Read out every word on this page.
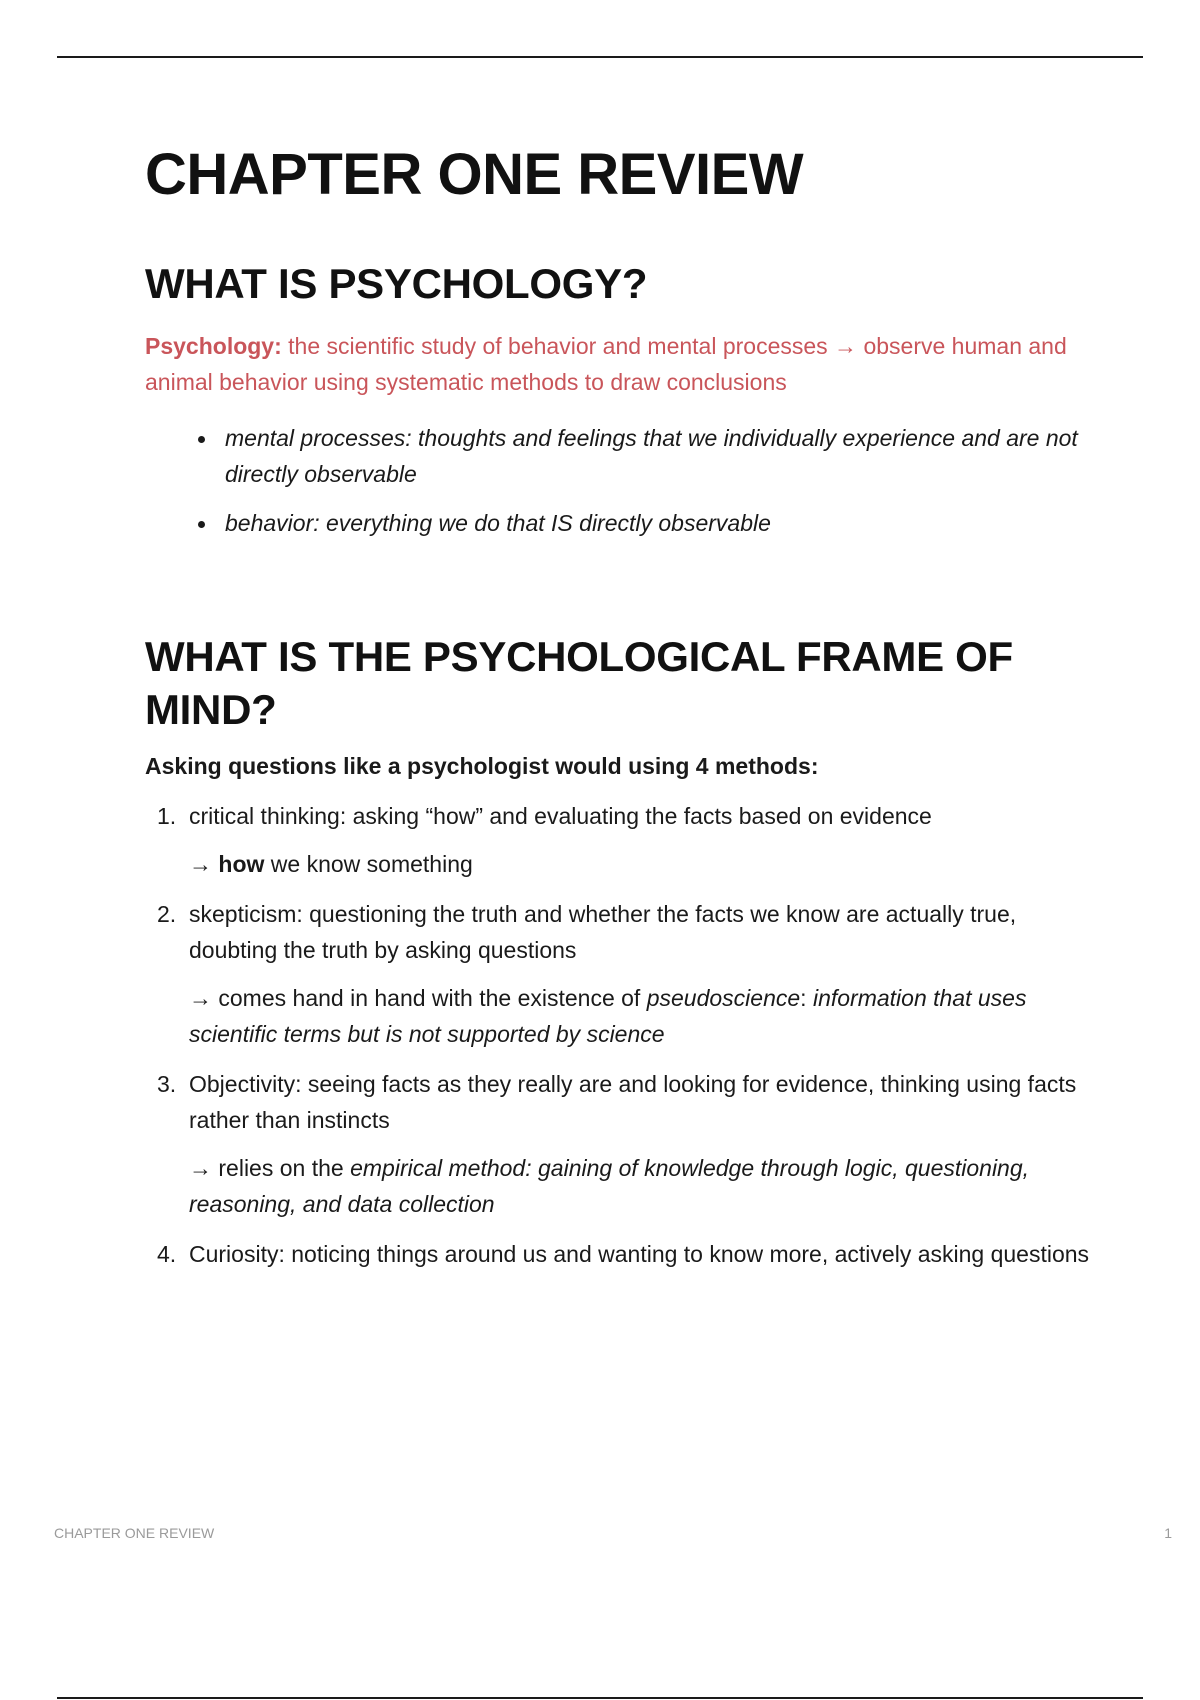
CHAPTER ONE REVIEW
WHAT IS PSYCHOLOGY?

Psychology: the scientific study of behavior and mental processes → observe human and animal behavior using systematic methods to draw conclusions

mental processes: thoughts and feelings that we individually experience and are not directly observable
behavior: everything we do that IS directly observable
WHAT IS THE PSYCHOLOGICAL FRAME OF MIND?

Asking questions like a psychologist would using 4 methods:

1. critical thinking: asking “how” and evaluating the facts based on evidence

→ how we know something

2. skepticism: questioning the truth and whether the facts we know are actually true, doubting the truth by asking questions

→ comes hand in hand with the existence of pseudoscience: information that uses scientific terms but is not supported by science

3. Objectivity: seeing facts as they really are and looking for evidence, thinking using facts rather than instincts

→ relies on the empirical method: gaining of knowledge through logic, questioning, reasoning, and data collection

4. Curiosity: noticing things around us and wanting to know more, actively asking questions

CHAPTER ONE REVIEW	1
